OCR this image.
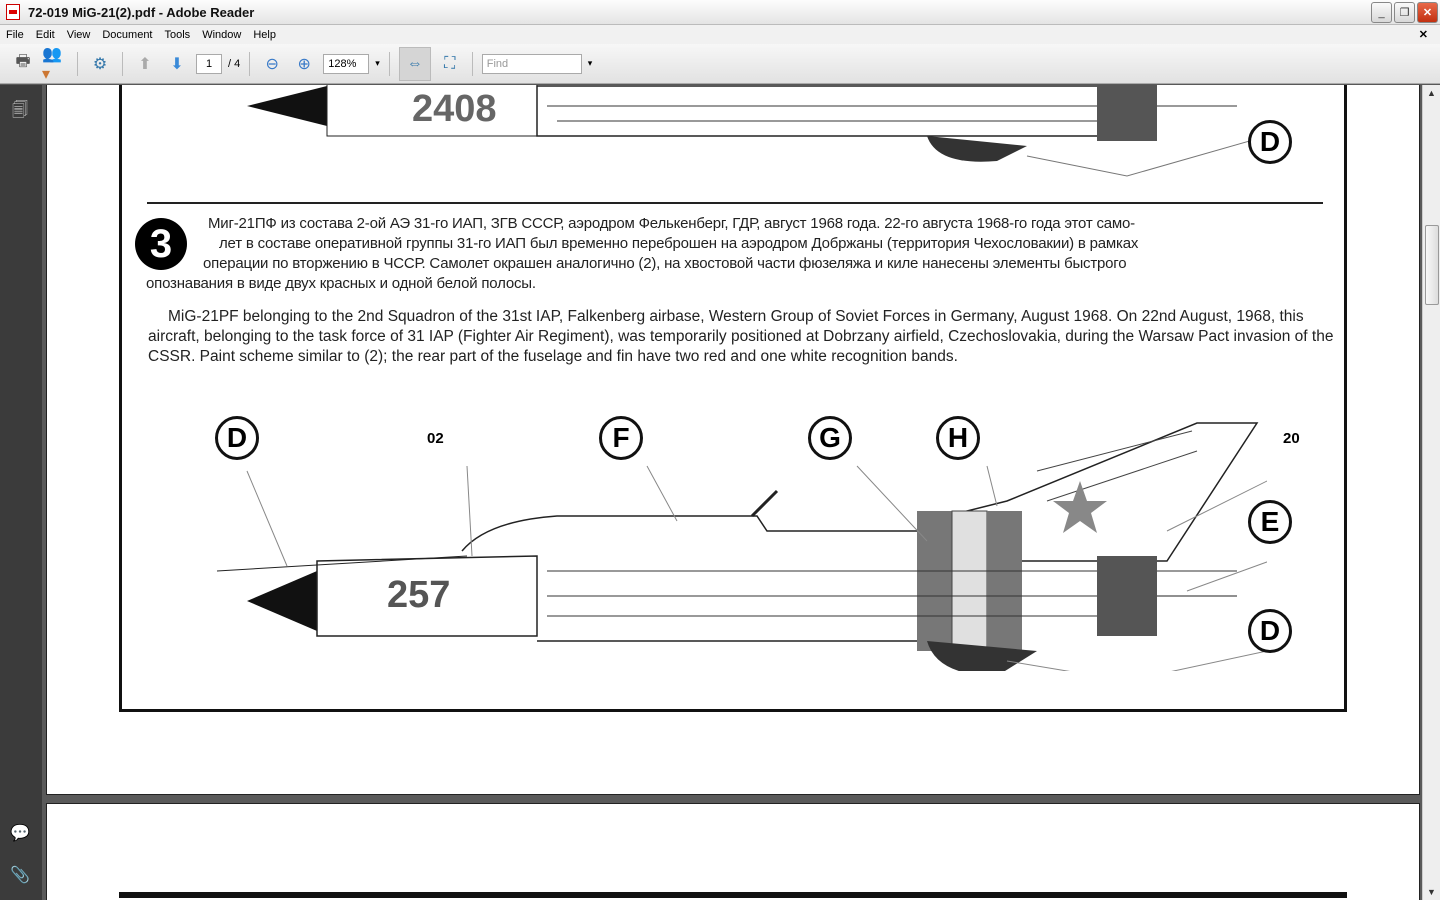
72-019 MiG-21(2).pdf - Adobe Reader	_	❐	✕
File	Edit	View	Document	Tools	Window	Help	✕
🖶 👥▾
⚙	⬆	⬇	1	/ 4	⊖	⊕	128%	▾	⇔	⛶	Find	▾
🗐
💬
📎
2408
D
3	Миг-21ПФ из состава 2-ой АЭ 31-го ИАП, ЗГВ СССР, аэродром Фелькенберг, ГДР, август 1968 года. 22-го августа 1968-го года этот само-
лет в составе оперативной группы 31-го ИАП был временно переброшен на аэродром Добржаны (территория Чехословакии) в рамках
операции по вторжению в ЧССР. Самолет окрашен аналогично (2), на хвостовой части фюзеляжа и киле нанесены элементы быстрого
опознавания в виде двух красных и одной белой полосы.
MiG-21PF belonging to the 2nd Squadron of the 31st IAP, Falkenberg airbase, Western Group of Soviet Forces in Germany, August 1968. On 22nd August, 1968, this aircraft, belonging to the task force of 31 IAP (Fighter Air Regiment), was temporarily positioned at Dobrzany airfield, Czechoslovakia, during the Warsaw Pact invasion of the CSSR. Paint scheme similar to (2); the rear part of the fuselage and fin have two red and one white recognition bands.
257
D	02	F	G	H	20
E
D
▲
▼
